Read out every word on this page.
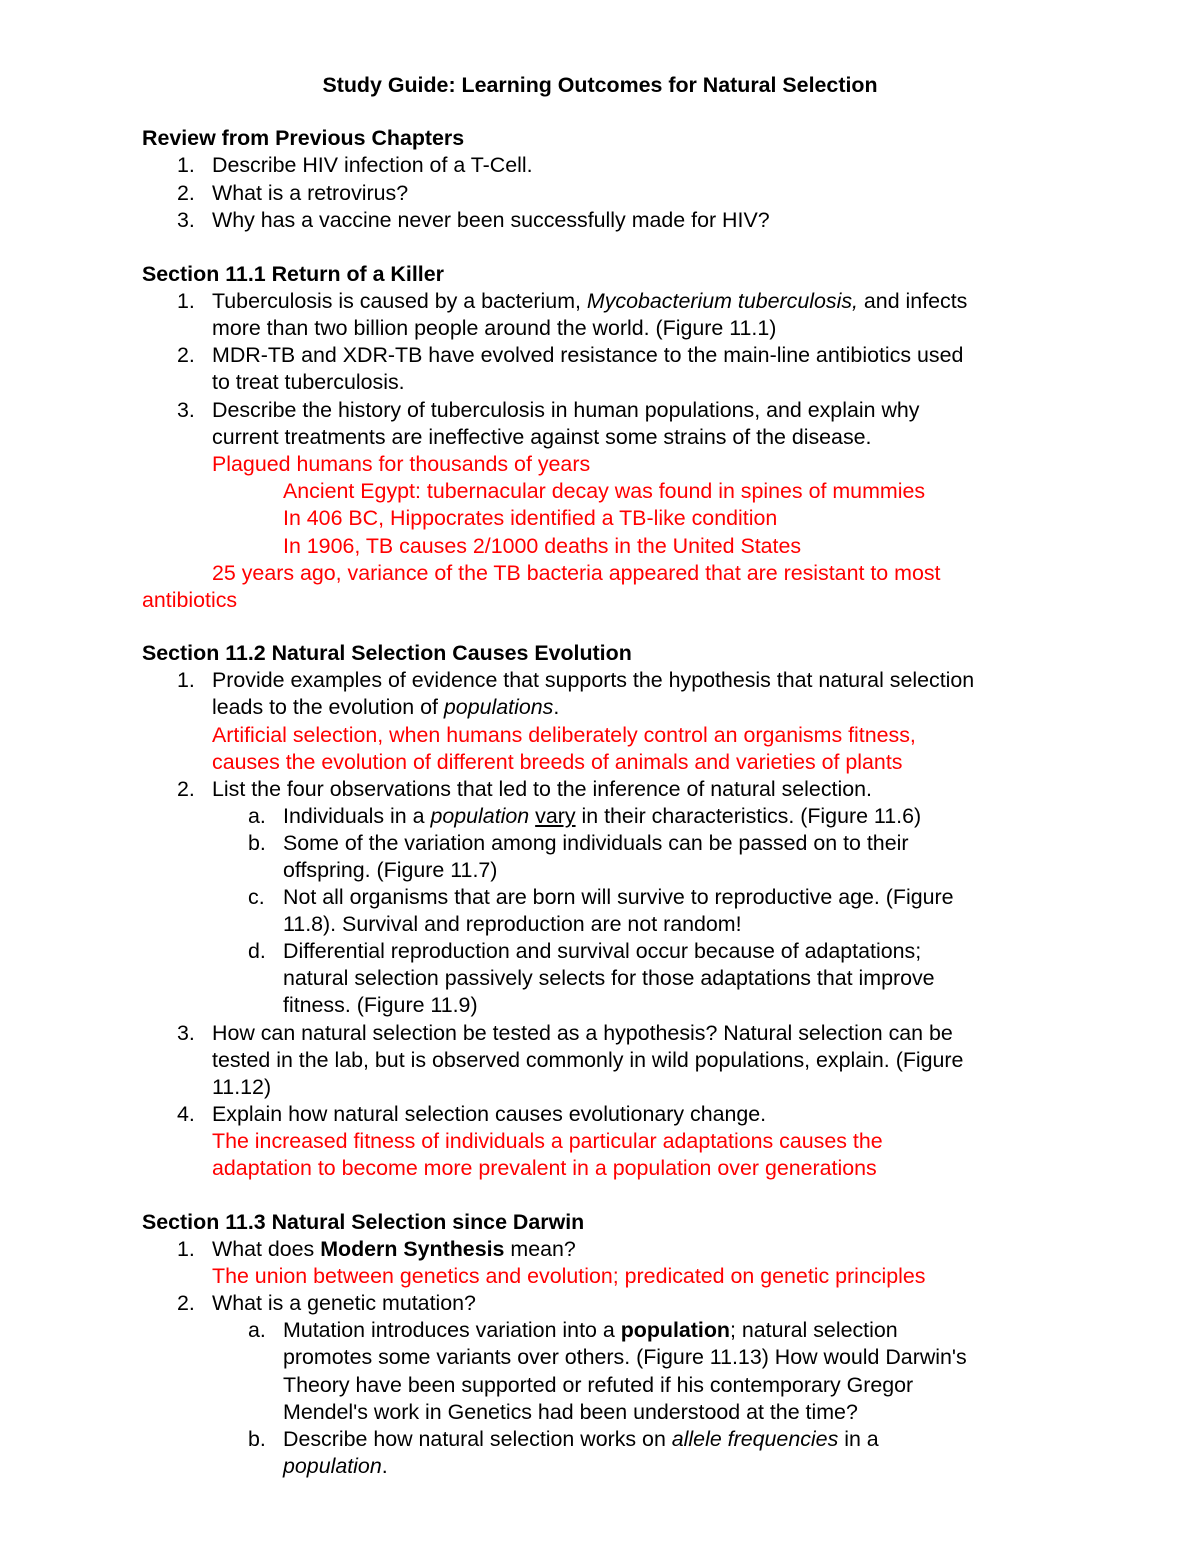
Study Guide: Learning Outcomes for Natural Selection
Review from Previous Chapters
1. Describe HIV infection of a T-Cell.
2. What is a retrovirus?
3. Why has a vaccine never been successfully made for HIV?
Section 11.1 Return of a Killer
1. Tuberculosis is caused by a bacterium, Mycobacterium tuberculosis, and infects
more than two billion people around the world. (Figure 11.1)
2. MDR-TB and XDR-TB have evolved resistance to the main-line antibiotics used
to treat tuberculosis.
3. Describe the history of tuberculosis in human populations, and explain why
current treatments are ineffective against some strains of the disease.
Plagued humans for thousands of years
Ancient Egypt: tubernacular decay was found in spines of mummies
In 406 BC, Hippocrates identified a TB-like condition
In 1906, TB causes 2/1000 deaths in the United States
25 years ago, variance of the TB bacteria appeared that are resistant to most
antibiotics
Section 11.2 Natural Selection Causes Evolution
1. Provide examples of evidence that supports the hypothesis that natural selection
leads to the evolution of populations.
Artificial selection, when humans deliberately control an organisms fitness,
causes the evolution of different breeds of animals and varieties of plants
2. List the four observations that led to the inference of natural selection.
a. Individuals in a population vary in their characteristics. (Figure 11.6)
b. Some of the variation among individuals can be passed on to their
offspring. (Figure 11.7)
c. Not all organisms that are born will survive to reproductive age. (Figure
11.8). Survival and reproduction are not random!
d. Differential reproduction and survival occur because of adaptations;
natural selection passively selects for those adaptations that improve
fitness. (Figure 11.9)
3. How can natural selection be tested as a hypothesis? Natural selection can be
tested in the lab, but is observed commonly in wild populations, explain. (Figure
11.12)
4. Explain how natural selection causes evolutionary change.
The increased fitness of individuals a particular adaptations causes the
adaptation to become more prevalent in a population over generations
Section 11.3 Natural Selection since Darwin
1. What does Modern Synthesis mean?
The union between genetics and evolution; predicated on genetic principles
2. What is a genetic mutation?
a. Mutation introduces variation into a population; natural selection
promotes some variants over others. (Figure 11.13) How would Darwin's
Theory have been supported or refuted if his contemporary Gregor
Mendel's work in Genetics had been understood at the time?
b. Describe how natural selection works on allele frequencies in a
population.
